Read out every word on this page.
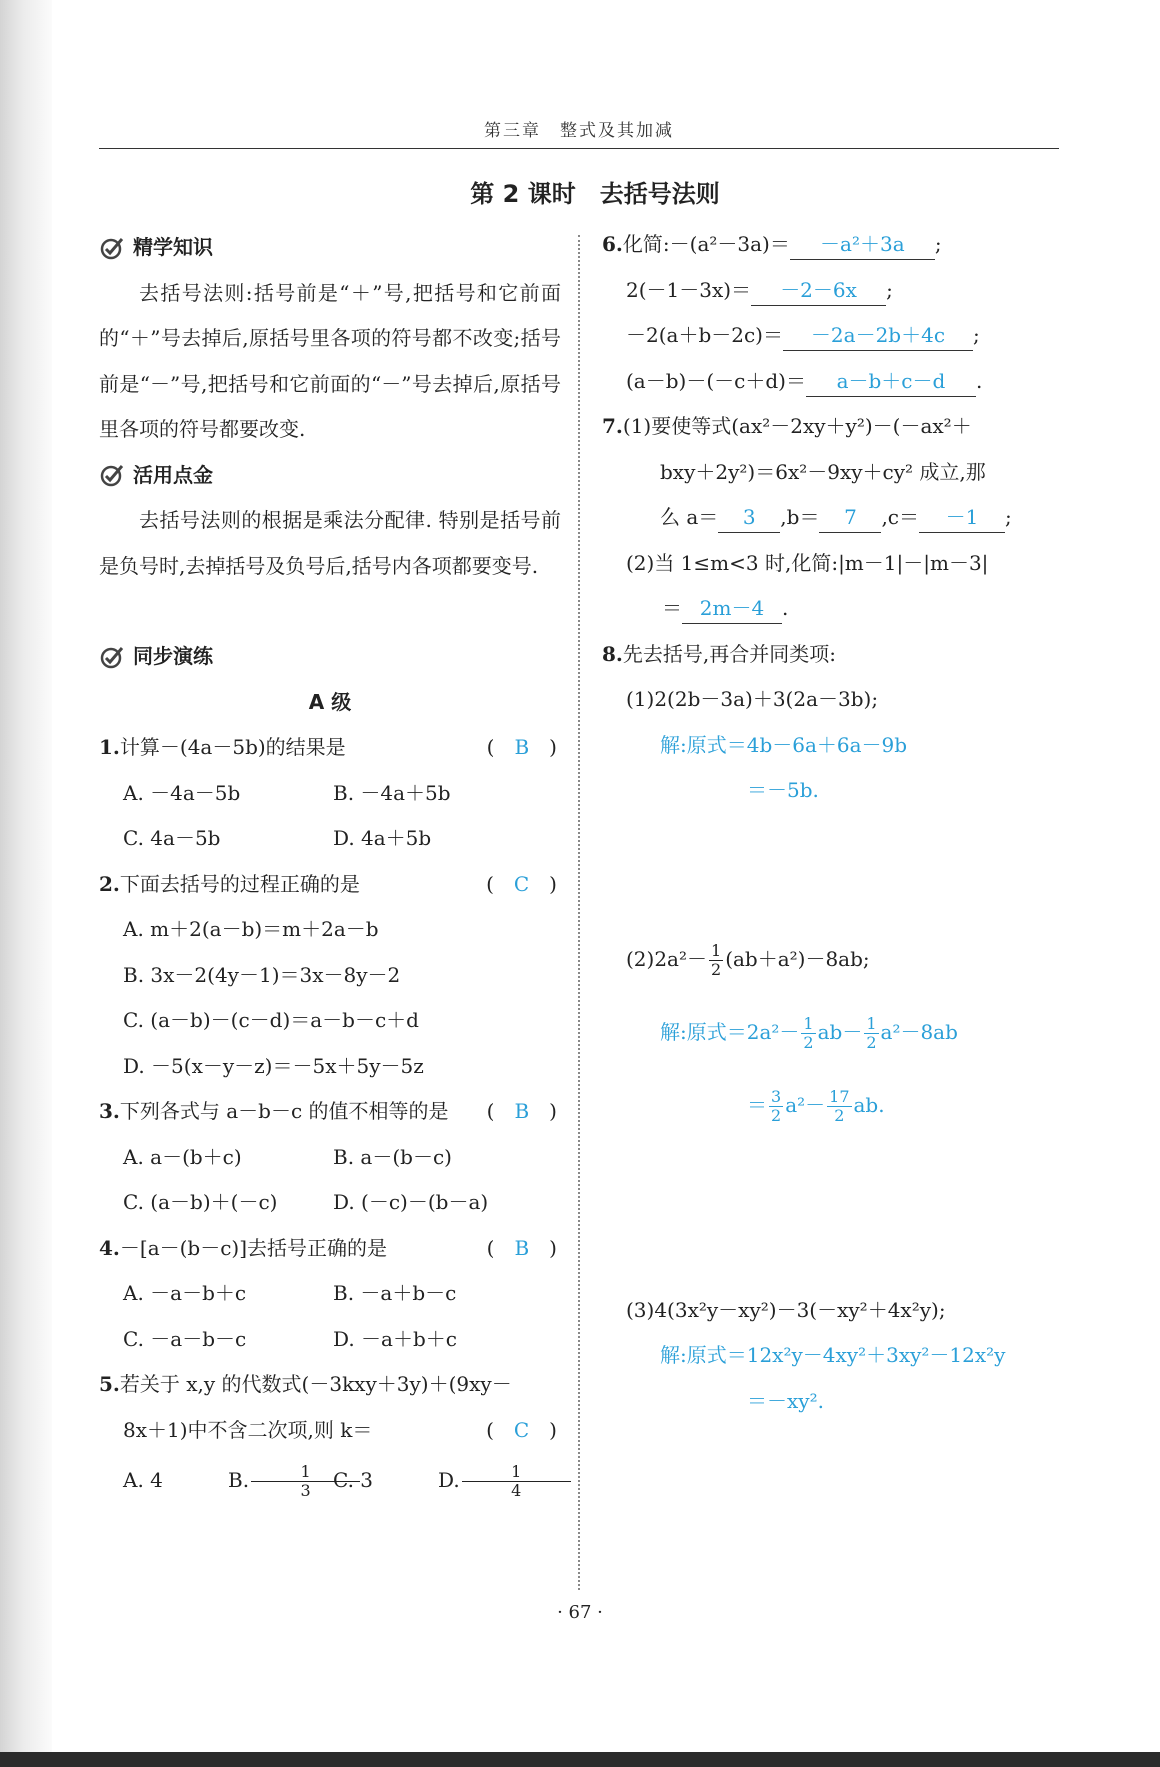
第三章　整式及其加减
第 2 课时　去括号法则
精学知识
去括号法则:括号前是“＋”号,把括号和它前面的“＋”号去掉后,原括号里各项的符号都不改变;括号前是“－”号,把括号和它前面的“－”号去掉后,原括号里各项的符号都要改变.
活用点金
去括号法则的根据是乘法分配律. 特别是括号前是负号时,去掉括号及负号后,括号内各项都要变号.
同步演练
A 级
1.计算－(4a－5b)的结果是	(　B　)
A. －4a－5b	B. －4a＋5b
C. 4a－5b	D. 4a＋5b
2.下面去括号的过程正确的是	(　C　)
A. m＋2(a－b)＝m＋2a－b
B. 3x－2(4y－1)＝3x－8y－2
C. (a－b)－(c－d)＝a－b－c＋d
D. －5(x－y－z)＝－5x＋5y－5z
3.下列各式与 a－b－c 的值不相等的是 (　B　)
A. a－(b＋c)	B. a－(b－c)
C. (a－b)＋(－c)	D. (－c)－(b－a)
4.－[a－(b－c)]去括号正确的是	(　B　)
A. －a－b＋c	B. －a＋b－c
C. －a－b－c	D. －a＋b＋c
5.若关于 x,y 的代数式(－3kxy＋3y)＋(9xy－
8x＋1)中不含二次项,则 k＝	(　C　)
A. 4	B. $\frac{1}{3}$
C. 3	D. $\frac{1}{4}$
6.化简:－(a²－3a)＝ －a²＋3a ;
2(－1－3x)＝ －2－6x ;
－2(a＋b－2c)＝ －2a－2b＋4c ;
(a－b)－(－c＋d)＝ a－b＋c－d .
7.(1)要使等式(ax²－2xy＋y²)－(－ax²＋
bxy＋2y²)＝6x²－9xy＋cy² 成立,那
么 a＝ 3 ,b＝ 7 ,c＝ －1 ;
(2)当 1≤m<3 时,化简:|m－1|－|m－3|
＝ 2m－4 .
8.先去括号,再合并同类项:
(1)2(2b－3a)＋3(2a－3b);
解:原式＝4b－6a＋6a－9b
＝－5b.
$(2)2a^2- \frac{1}{2} (ab+a^2)-8ab$;
解:原式$=2a^2- \frac{1}{2} ab- \frac{1}{2} a^2-8ab$
＝ $\frac{3}{2} a^2- \frac{17}{2}$ ab.
(3)4(3x²y－xy²)－3(－xy²＋4x²y);
解:原式＝12x²y－4xy²＋3xy²－12x²y
＝－xy².
· 67 ·
